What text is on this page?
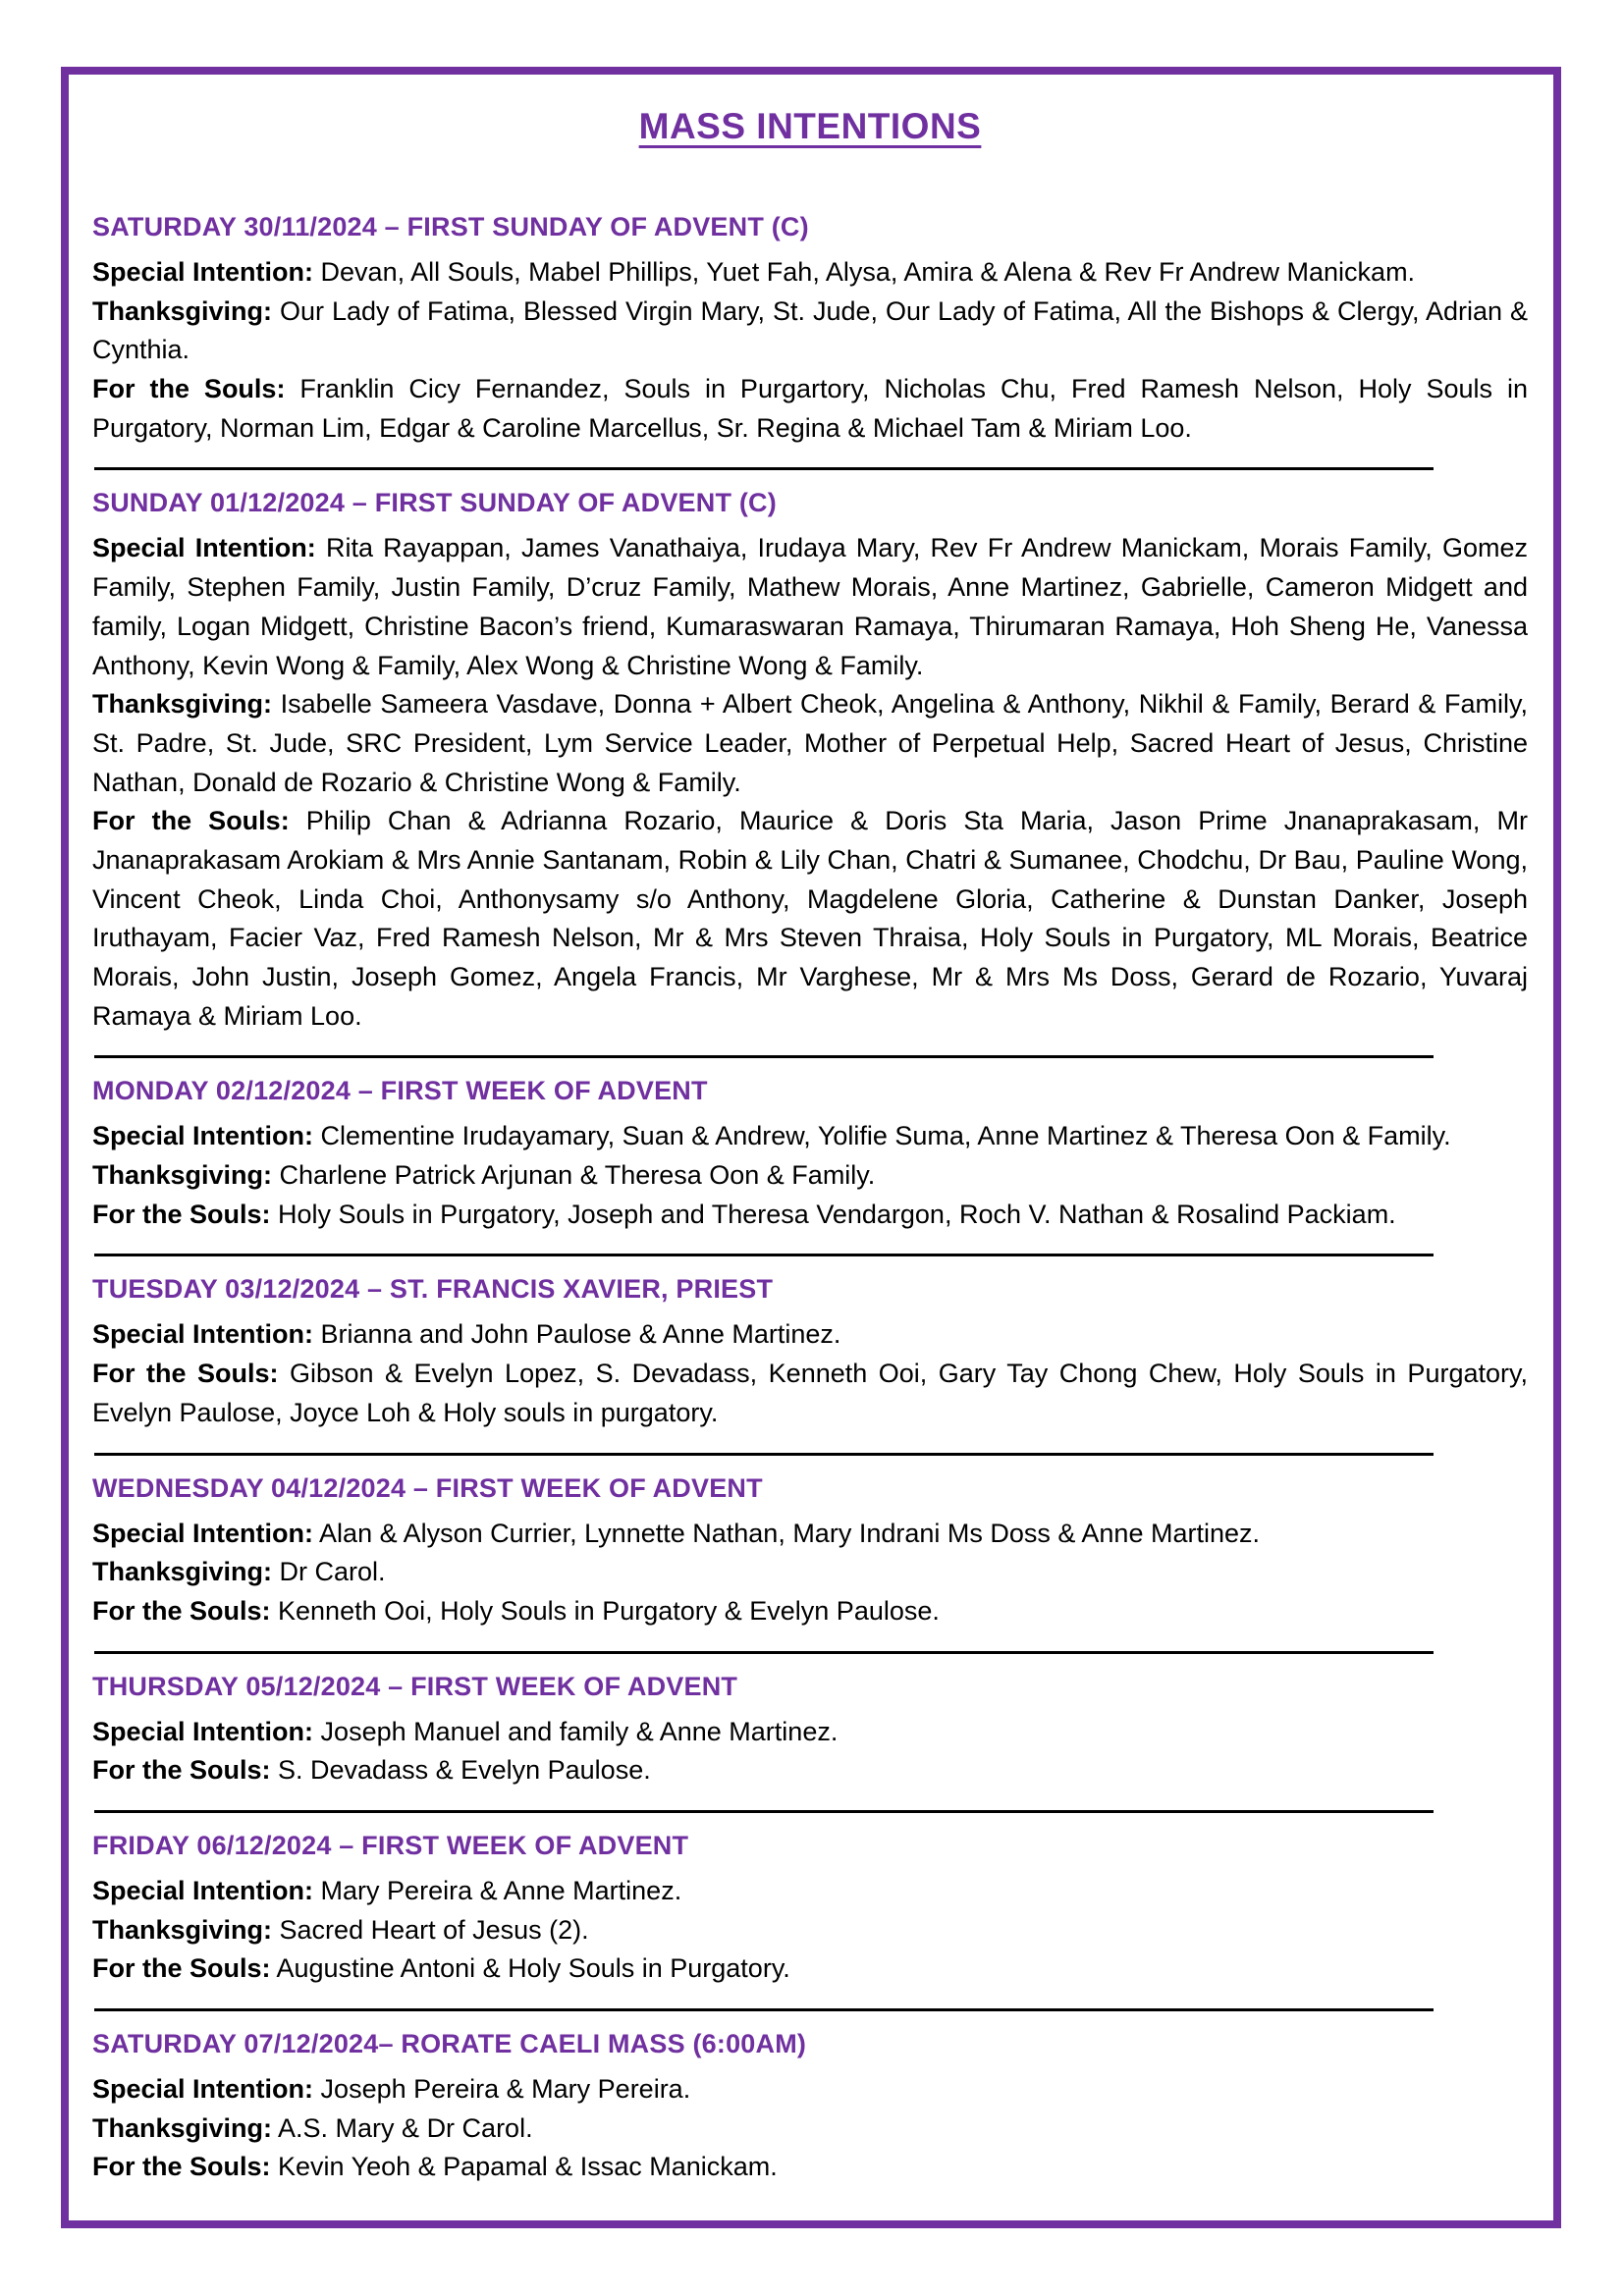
MASS INTENTIONS
SATURDAY 30/11/2024 – FIRST SUNDAY OF ADVENT (C)

Special Intention: Devan, All Souls, Mabel Phillips, Yuet Fah, Alysa, Amira & Alena & Rev Fr Andrew Manickam.

Thanksgiving: Our Lady of Fatima, Blessed Virgin Mary, St. Jude, Our Lady of Fatima, All the Bishops & Clergy, Adrian & Cynthia.

For the Souls: Franklin Cicy Fernandez, Souls in Purgartory, Nicholas Chu, Fred Ramesh Nelson, Holy Souls in Purgatory, Norman Lim, Edgar & Caroline Marcellus, Sr. Regina & Michael Tam & Miriam Loo.

SUNDAY 01/12/2024 – FIRST SUNDAY OF ADVENT (C)

Special Intention: Rita Rayappan, James Vanathaiya, Irudaya Mary, Rev Fr Andrew Manickam, Morais Family, Gomez Family, Stephen Family, Justin Family, D’cruz Family, Mathew Morais, Anne Martinez, Gabrielle, Cameron Midgett and family, Logan Midgett, Christine Bacon’s friend, Kumaraswaran Ramaya, Thirumaran Ramaya, Hoh Sheng He, Vanessa Anthony, Kevin Wong & Family, Alex Wong & Christine Wong & Family.

Thanksgiving: Isabelle Sameera Vasdave, Donna + Albert Cheok, Angelina & Anthony, Nikhil & Family, Berard & Family, St. Padre, St. Jude, SRC President, Lym Service Leader, Mother of Perpetual Help, Sacred Heart of Jesus, Christine Nathan, Donald de Rozario & Christine Wong & Family.

For the Souls: Philip Chan & Adrianna Rozario, Maurice & Doris Sta Maria, Jason Prime Jnanaprakasam, Mr Jnanaprakasam Arokiam & Mrs Annie Santanam, Robin & Lily Chan, Chatri & Sumanee, Chodchu, Dr Bau, Pauline Wong, Vincent Cheok, Linda Choi, Anthonysamy s/o Anthony, Magdelene Gloria, Catherine & Dunstan Danker, Joseph Iruthayam, Facier Vaz, Fred Ramesh Nelson, Mr & Mrs Steven Thraisa, Holy Souls in Purgatory, ML Morais, Beatrice Morais, John Justin, Joseph Gomez, Angela Francis, Mr Varghese, Mr & Mrs Ms Doss, Gerard de Rozario, Yuvaraj Ramaya & Miriam Loo.

MONDAY 02/12/2024 – FIRST WEEK OF ADVENT

Special Intention: Clementine Irudayamary, Suan & Andrew, Yolifie Suma, Anne Martinez & Theresa Oon & Family.

Thanksgiving: Charlene Patrick Arjunan & Theresa Oon & Family.

For the Souls: Holy Souls in Purgatory, Joseph and Theresa Vendargon, Roch V. Nathan & Rosalind Packiam.

TUESDAY 03/12/2024 – ST. FRANCIS XAVIER, PRIEST

Special Intention: Brianna and John Paulose & Anne Martinez.

For the Souls: Gibson & Evelyn Lopez, S. Devadass, Kenneth Ooi, Gary Tay Chong Chew, Holy Souls in Purgatory, Evelyn Paulose, Joyce Loh & Holy souls in purgatory.

WEDNESDAY 04/12/2024 – FIRST WEEK OF ADVENT

Special Intention: Alan & Alyson Currier, Lynnette Nathan, Mary Indrani Ms Doss & Anne Martinez.

Thanksgiving: Dr Carol.

For the Souls: Kenneth Ooi, Holy Souls in Purgatory & Evelyn Paulose.

THURSDAY 05/12/2024 – FIRST WEEK OF ADVENT

Special Intention: Joseph Manuel and family & Anne Martinez.

For the Souls: S. Devadass & Evelyn Paulose.

FRIDAY 06/12/2024 – FIRST WEEK OF ADVENT

Special Intention: Mary Pereira & Anne Martinez.

Thanksgiving: Sacred Heart of Jesus (2).

For the Souls: Augustine Antoni & Holy Souls in Purgatory.

SATURDAY 07/12/2024– RORATE CAELI MASS (6:00AM)

Special Intention: Joseph Pereira & Mary Pereira.

Thanksgiving: A.S. Mary & Dr Carol.

For the Souls: Kevin Yeoh & Papamal & Issac Manickam.
